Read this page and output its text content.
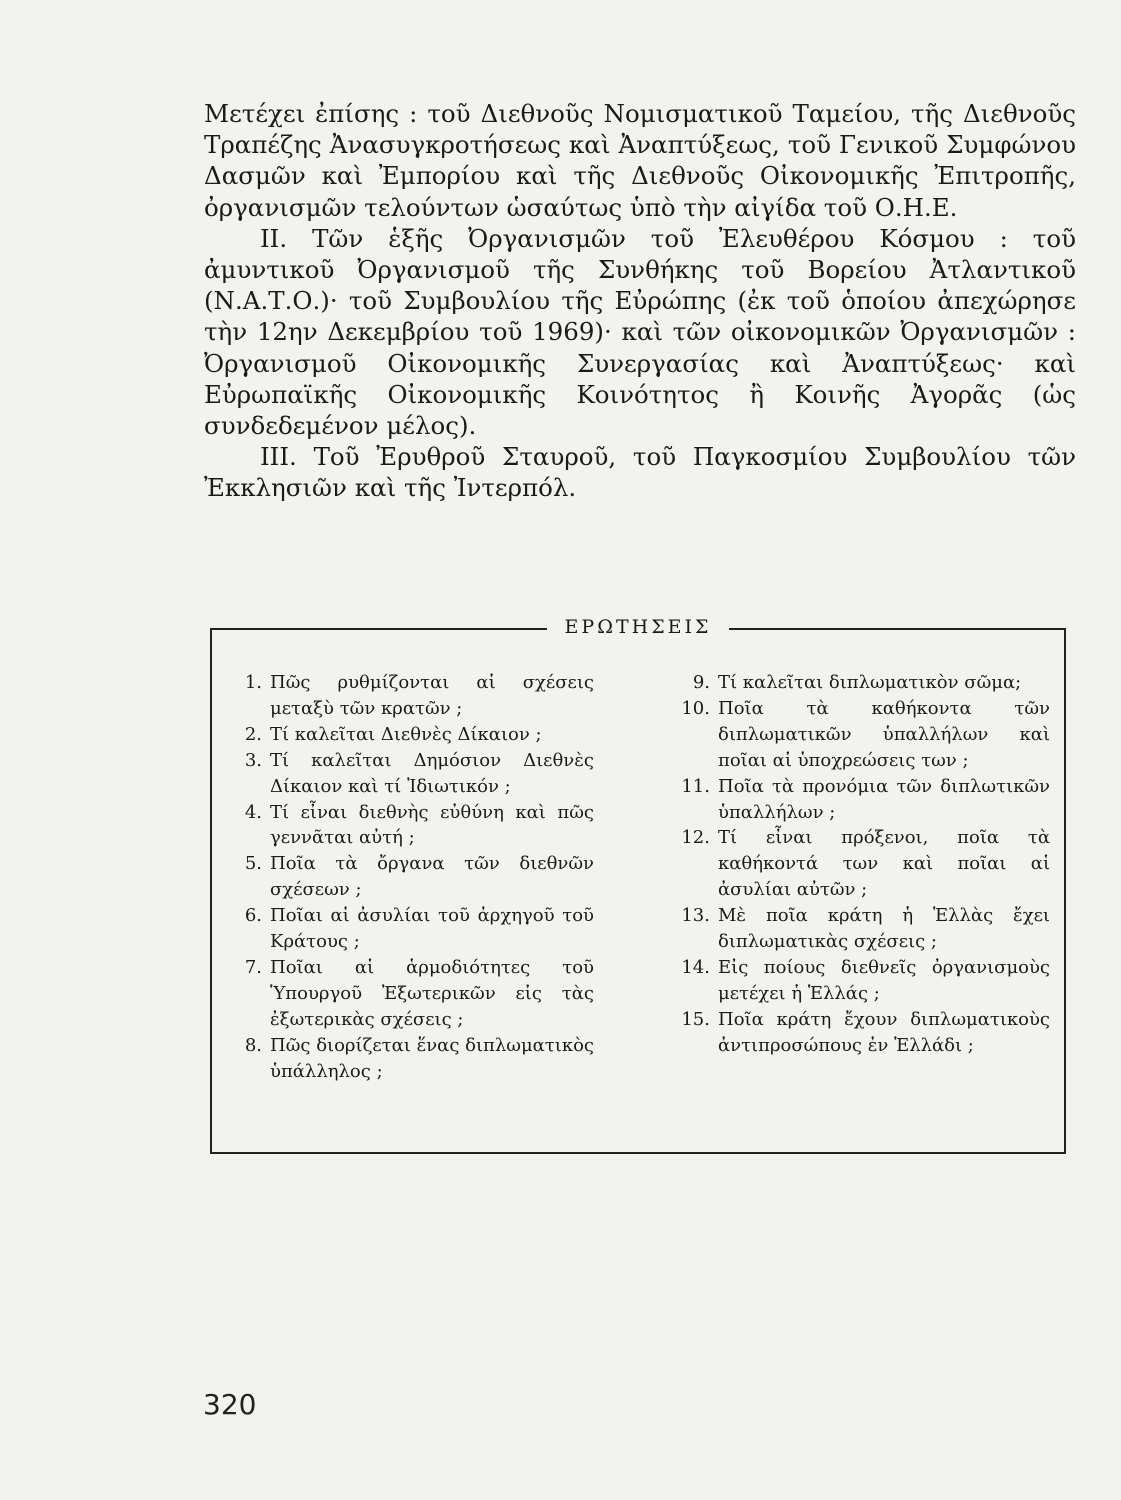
Μετέχει ἐπίσης : τοῦ Διεθνοῦς Νομισματικοῦ Ταμείου, τῆς Διεθνοῦς Τραπέζης Ἀνασυγκροτήσεως καὶ Ἀναπτύξεως, τοῦ Γενικοῦ Συμφώνου Δασμῶν καὶ Ἐμπορίου καὶ τῆς Διεθνοῦς Οἰκονομικῆς Ἐπιτροπῆς, ὀργανισμῶν τελούντων ὡσαύτως ὑπὸ τὴν αἰγίδα τοῦ Ο.Η.Ε.

ΙΙ. Τῶν ἑξῆς Ὀργανισμῶν τοῦ Ἐλευθέρου Κόσμου : τοῦ ἀμυντικοῦ Ὀργανισμοῦ τῆς Συνθήκης τοῦ Βορείου Ἀτλαντικοῦ (Ν.Α.Τ.Ο.)· τοῦ Συμβουλίου τῆς Εὐρώπης (ἐκ τοῦ ὁποίου ἀπεχώρησε τὴν 12ην Δεκεμβρίου τοῦ 1969)· καὶ τῶν οἰκονομικῶν Ὀργανισμῶν : Ὀργανισμοῦ Οἰκονομικῆς Συνεργασίας καὶ Ἀναπτύξεως· καὶ Εὐρωπαϊκῆς Οἰκονομικῆς Κοινότητος ἢ Κοινῆς Ἀγορᾶς (ὡς συνδεδεμένον μέλος).

ΙΙΙ. Τοῦ Ἐρυθροῦ Σταυροῦ, τοῦ Παγκοσμίου Συμβουλίου τῶν Ἐκκλησιῶν καὶ τῆς Ἰντερπόλ.

ΕΡΩΤΗΣΕΙΣ

1. Πῶς ρυθμίζονται αἱ σχέσεις μεταξὺ τῶν κρατῶν ;

2. Τί καλεῖται Διεθνὲς Δίκαιον ;

3. Τί καλεῖται Δημόσιον Διεθνὲς Δίκαιον καὶ τί Ἰδιωτικόν ;

4. Τί εἶναι διεθνὴς εὐθύνη καὶ πῶς γεννᾶται αὐτή ;

5. Ποῖα τὰ ὄργανα τῶν διεθνῶν σχέσεων ;

6. Ποῖαι αἱ ἀσυλίαι τοῦ ἀρχηγοῦ τοῦ Κράτους ;

7. Ποῖαι αἱ ἁρμοδιότητες τοῦ Ὑπουργοῦ Ἐξωτερικῶν εἰς τὰς ἐξωτερικὰς σχέσεις ;

8. Πῶς διορίζεται ἕνας διπλωματικὸς ὑπάλληλος ;

9. Τί καλεῖται διπλωματικὸν σῶμα;

10. Ποῖα τὰ καθήκοντα τῶν διπλωματικῶν ὑπαλλήλων καὶ ποῖαι αἱ ὑποχρεώσεις των ;

11. Ποῖα τὰ προνόμια τῶν διπλωτικῶν ὑπαλλήλων ;

12. Τί εἶναι πρόξενοι, ποῖα τὰ καθήκοντά των καὶ ποῖαι αἱ ἀσυλίαι αὐτῶν ;

13. Μὲ ποῖα κράτη ἡ Ἑλλὰς ἔχει διπλωματικὰς σχέσεις ;

14. Εἰς ποίους διεθνεῖς ὀργανισμοὺς μετέχει ἡ Ἑλλάς ;

15. Ποῖα κράτη ἔχουν διπλωματικοὺς ἀντιπροσώπους ἐν Ἑλλάδι ;

320
